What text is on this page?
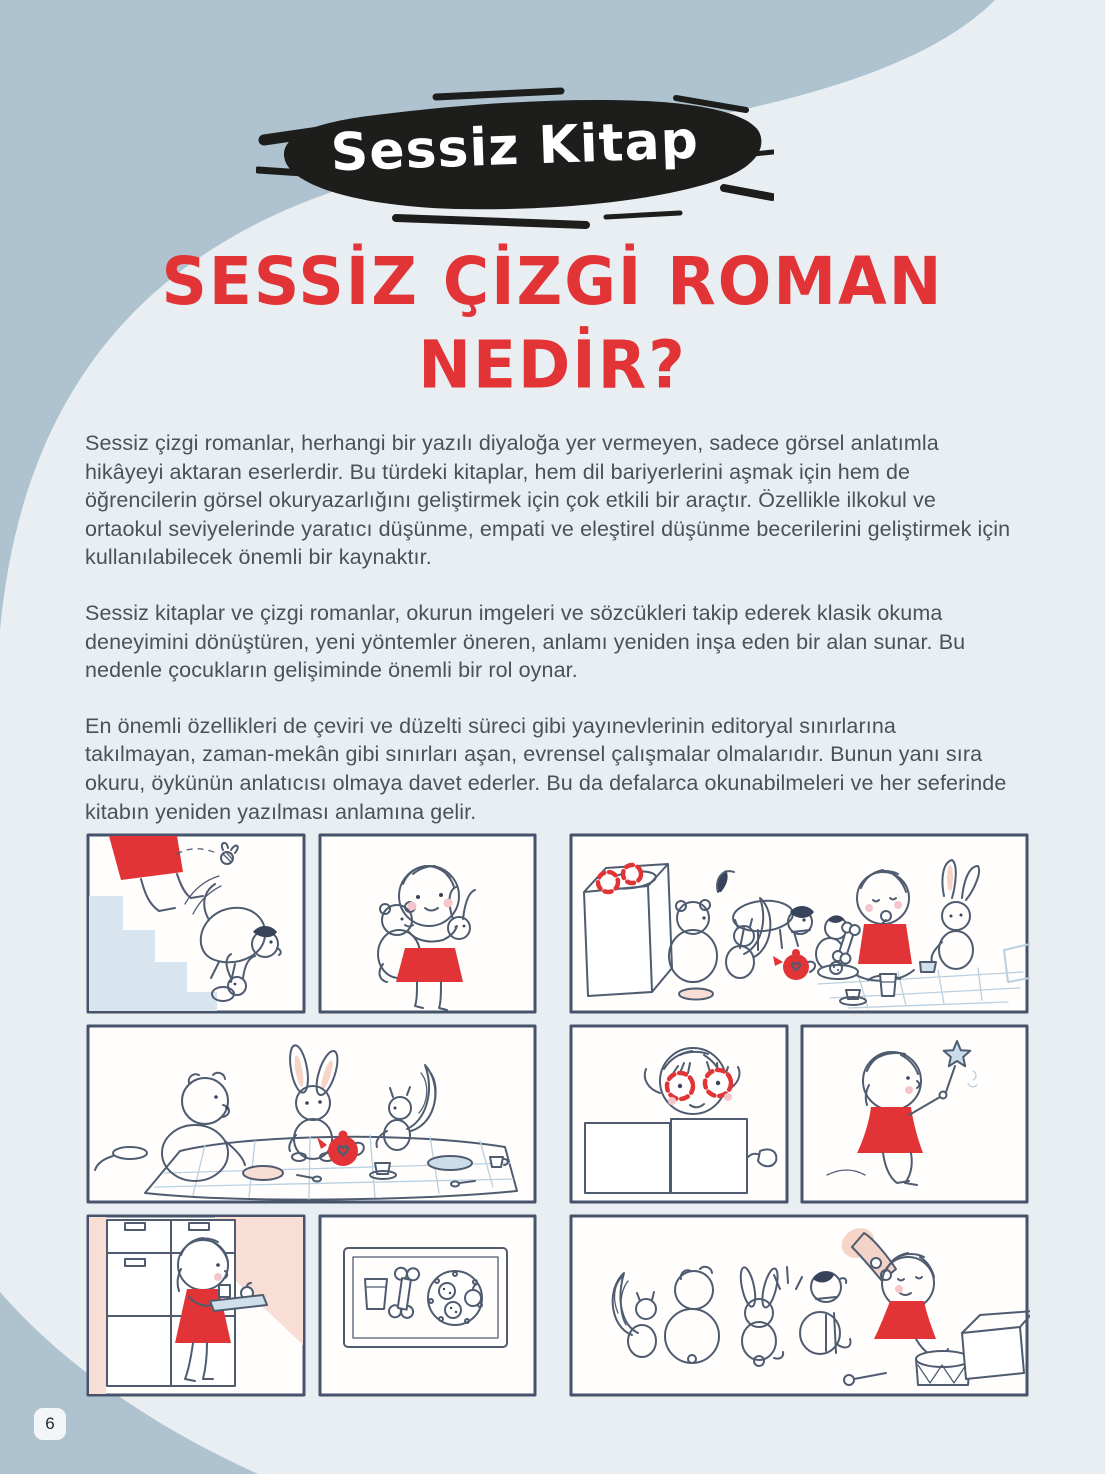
Sessiz Kitap
SESSİZ ÇİZGİ ROMAN
NEDİR?

Sessiz çizgi romanlar, herhangi bir yazılı diyaloğa yer vermeyen, sadece görsel anlatımla hikâyeyi aktaran eserlerdir. Bu türdeki kitaplar, hem dil bariyerlerini aşmak için hem de öğrencilerin görsel okuryazarlığını geliştirmek için çok etkili bir araçtır. Özellikle ilkokul ve ortaokul seviyelerinde yaratıcı düşünme, empati ve eleştirel düşünme becerilerini geliştirmek için kullanılabilecek önemli bir kaynaktır.

Sessiz kitaplar ve çizgi romanlar, okurun imgeleri ve sözcükleri takip ederek klasik okuma deneyimini dönüştüren, yeni yöntemler öneren, anlamı yeniden inşa eden bir alan sunar. Bu nedenle çocukların gelişiminde önemli bir rol oynar.

En önemli özellikleri de çeviri ve düzelti süreci gibi yayınevlerinin editoryal sınırlarına takılmayan, zaman-mekân gibi sınırları aşan, evrensel çalışmalar olmalarıdır. Bunun yanı sıra okuru, öykünün anlatıcısı olmaya davet ederler. Bu da defalarca okunabilmeleri ve her seferinde kitabın yeniden yazılması anlamına gelir.

6
